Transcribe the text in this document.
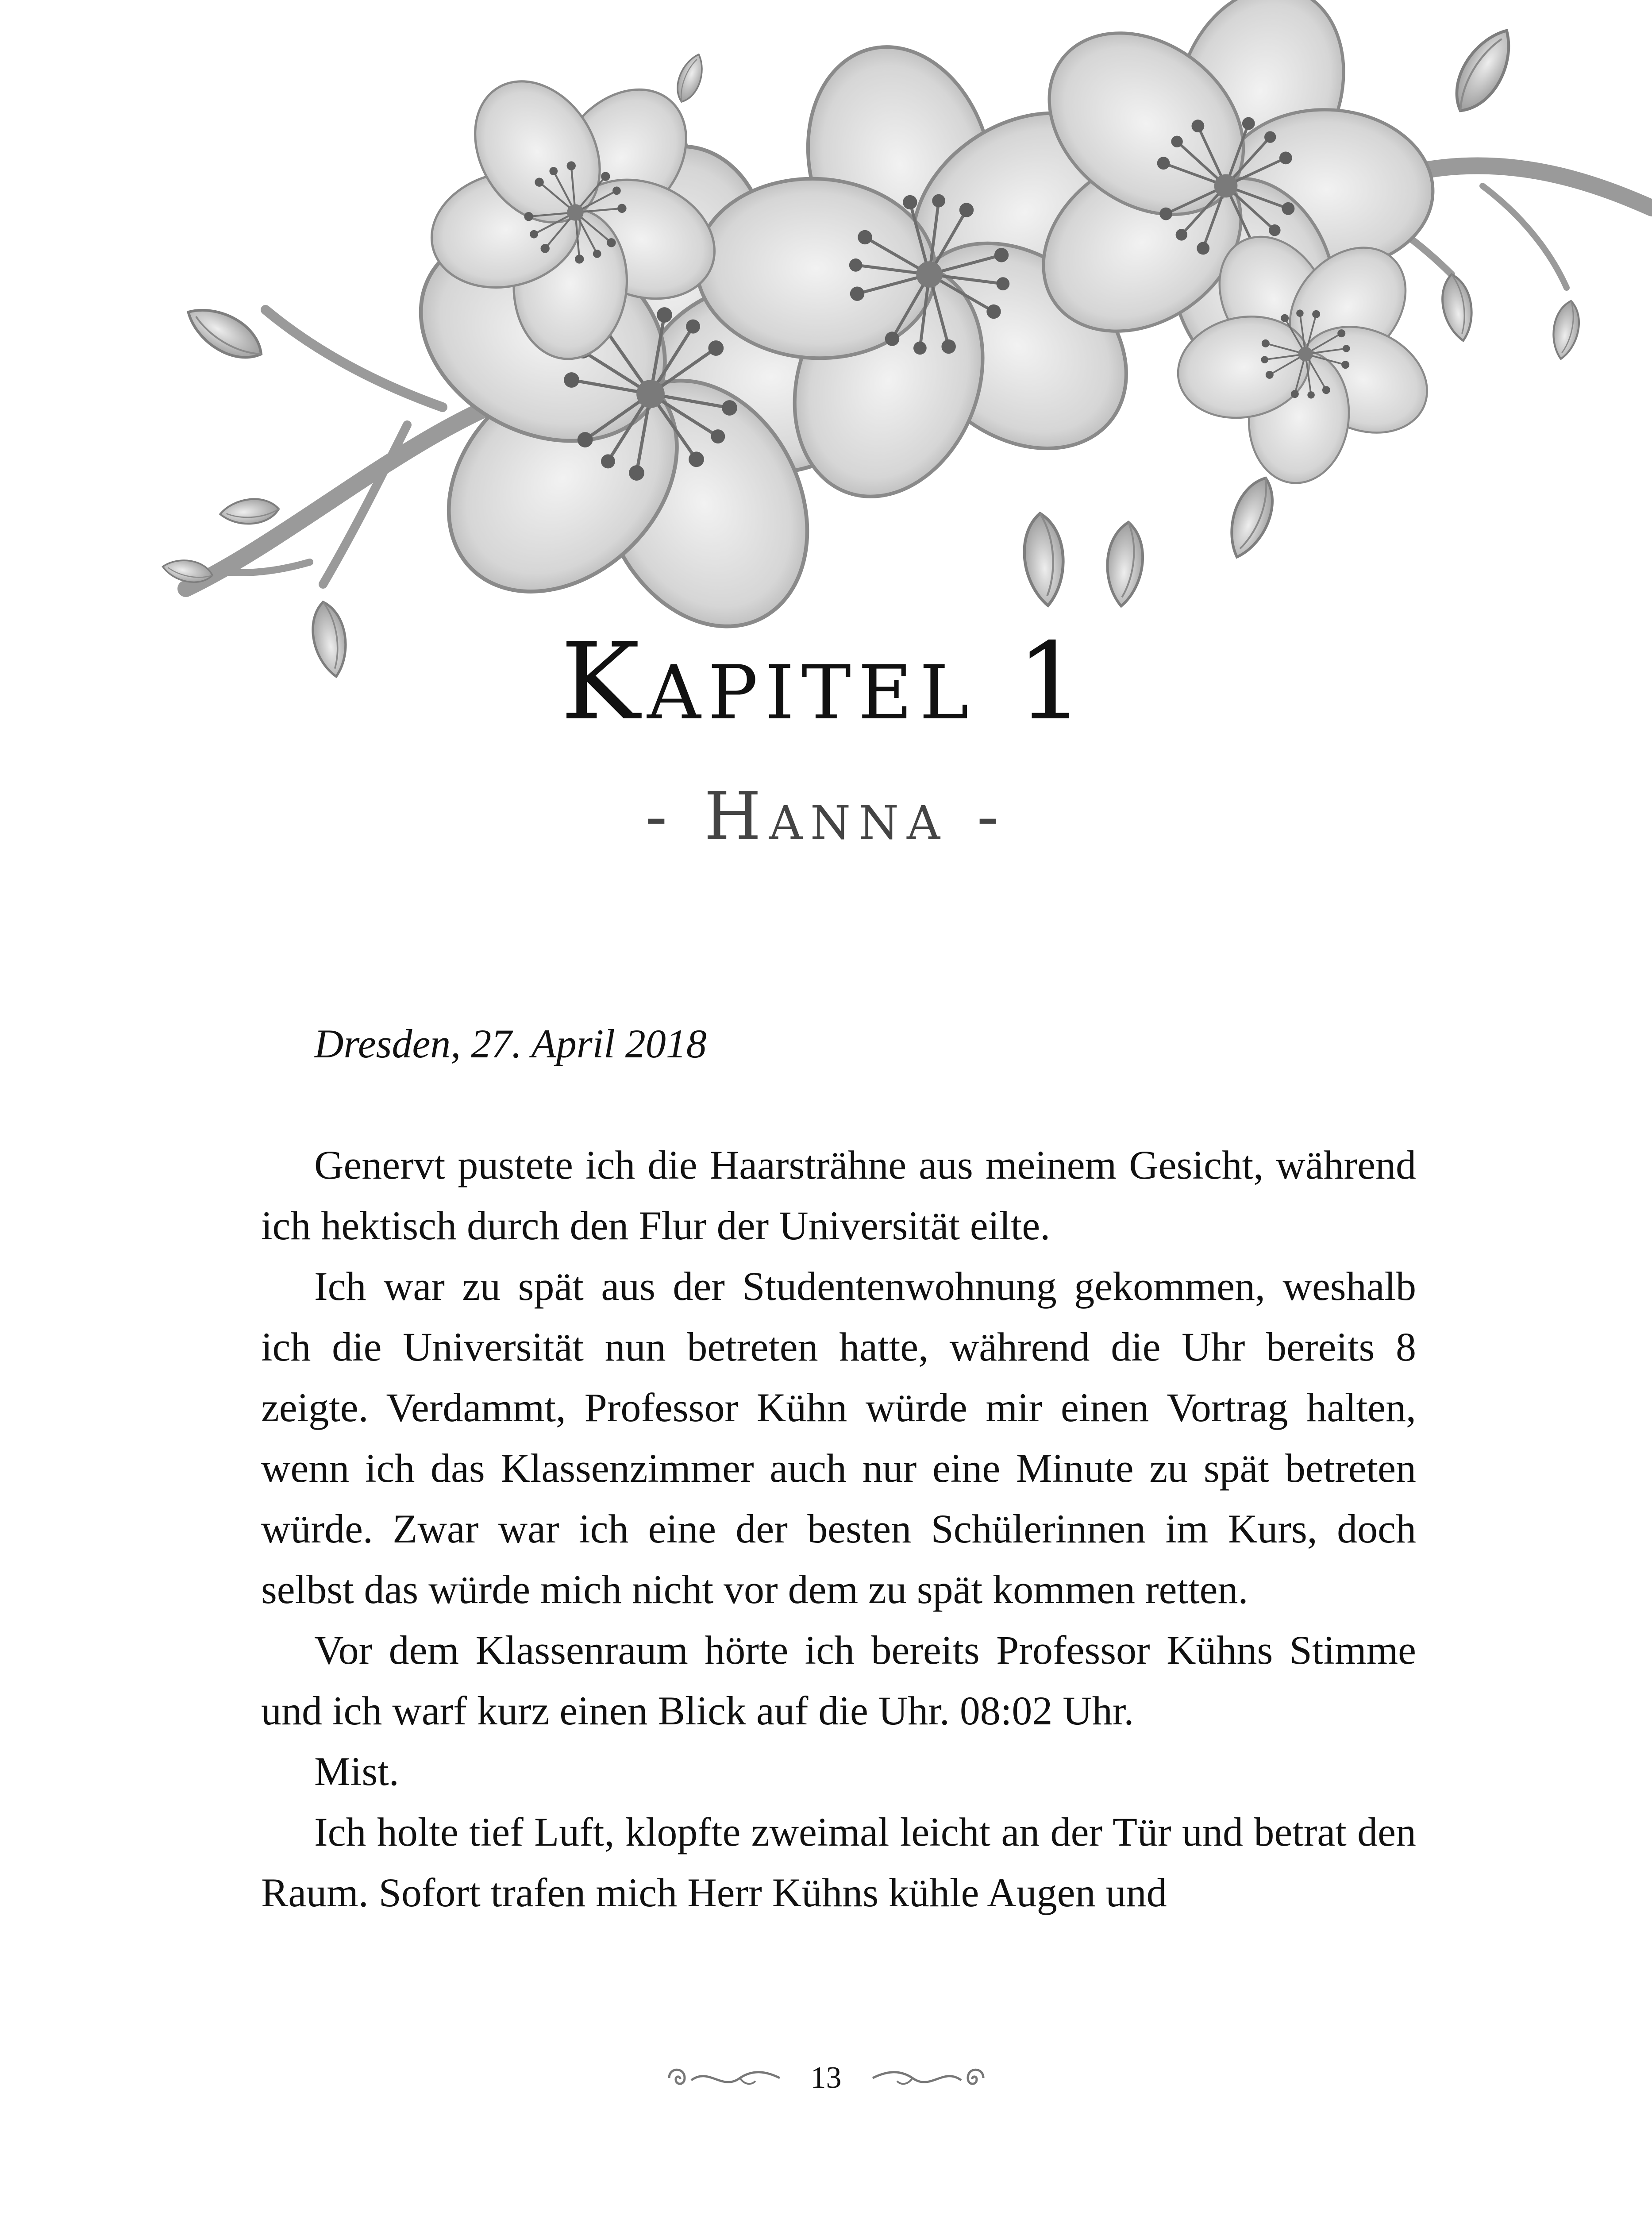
Kapitel 1
- Hanna -

Dresden, 27. April 2018

Genervt pustete ich die Haarsträhne aus meinem Gesicht, während ich hektisch durch den Flur der Universität eilte.

Ich war zu spät aus der Studentenwohnung gekommen, weshalb ich die Universität nun betreten hatte, während die Uhr bereits 8 zeigte. Verdammt, Professor Kühn würde mir einen Vortrag halten, wenn ich das Klassenzimmer auch nur eine Minute zu spät betreten würde. Zwar war ich eine der besten Schülerinnen im Kurs, doch selbst das würde mich nicht vor dem zu spät kommen retten.

Vor dem Klassenraum hörte ich bereits Professor Kühns Stimme und ich warf kurz einen Blick auf die Uhr. 08:02 Uhr.

Mist.

Ich holte tief Luft, klopfte zweimal leicht an der Tür und betrat den Raum. Sofort trafen mich Herr Kühns kühle Augen und

13
